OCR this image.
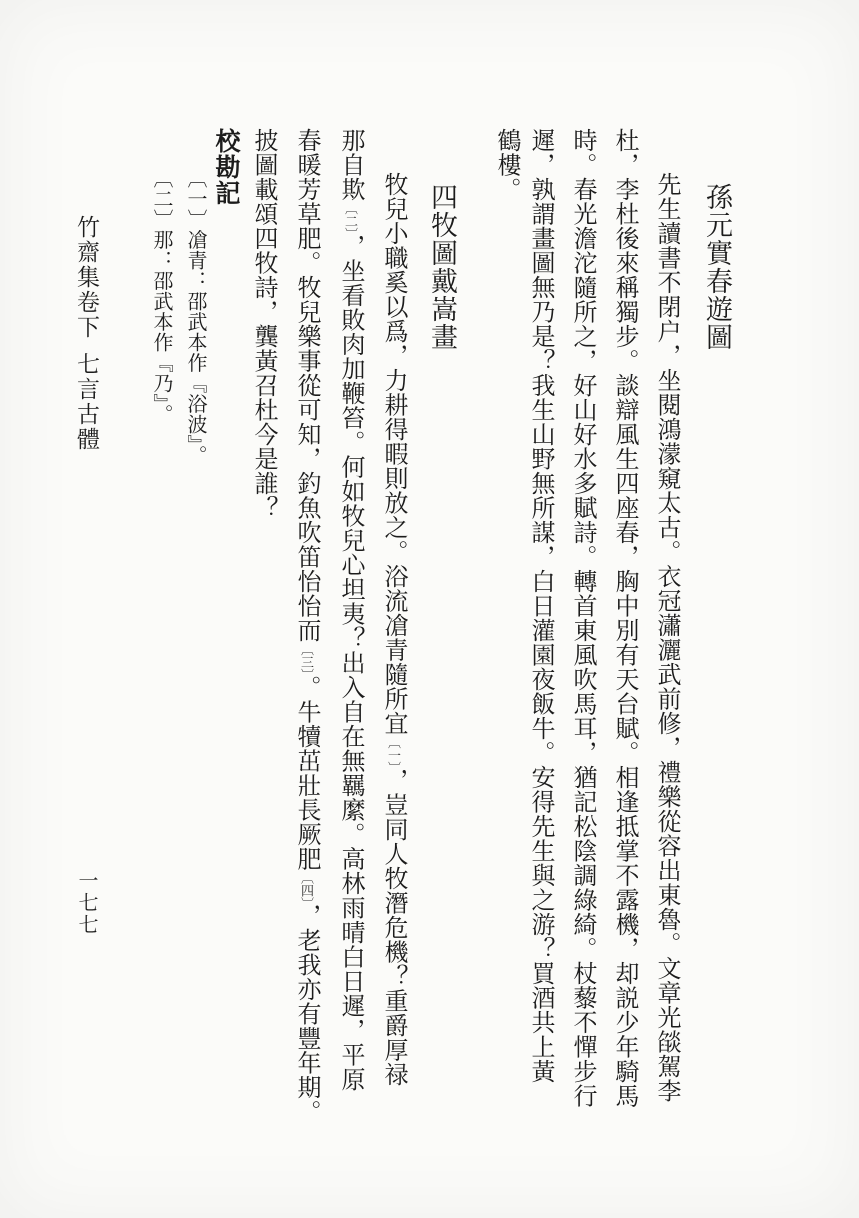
孫元實春遊圖
先生讀書不閉户，坐閱鴻濛窺太古。衣冠瀟灑武前修，禮樂從容出東魯。文章光燄駕李
杜，李杜後來稱獨步。談辯風生四座春，胸中別有天台賦。相逢抵掌不露機，却説少年騎馬
時。春光澹沱隨所之，好山好水多賦詩。轉首東風吹馬耳，猶記松陰調綠綺。杖藜不憚步行
遲，孰謂畫圖無乃是？我生山野無所謀，白日灌園夜飯牛。安得先生與之游？買酒共上黃
鶴樓。
四牧圖戴嵩畫
牧兒小職奚以爲，力耕得暇則放之。浴流凔青隨所宜〔一〕，豈同人牧潛危機？重爵厚禄
那自欺〔二〕，坐看敗肉加鞭笞。何如牧兒心坦夷？出入自在無羈縻。高林雨晴白日遲，平原
春暖芳草肥。牧兒樂事從可知，釣魚吹笛怡怡而〔三〕。牛犢茁壯長厥肥〔四〕，老我亦有豐年期。
披圖載頌四牧詩，龔黃召杜今是誰？
校勘記
〔一〕凔青：邵武本作『浴波』。
〔二〕那：邵武本作『乃』。
竹齋集卷下
七言古體
一七七
